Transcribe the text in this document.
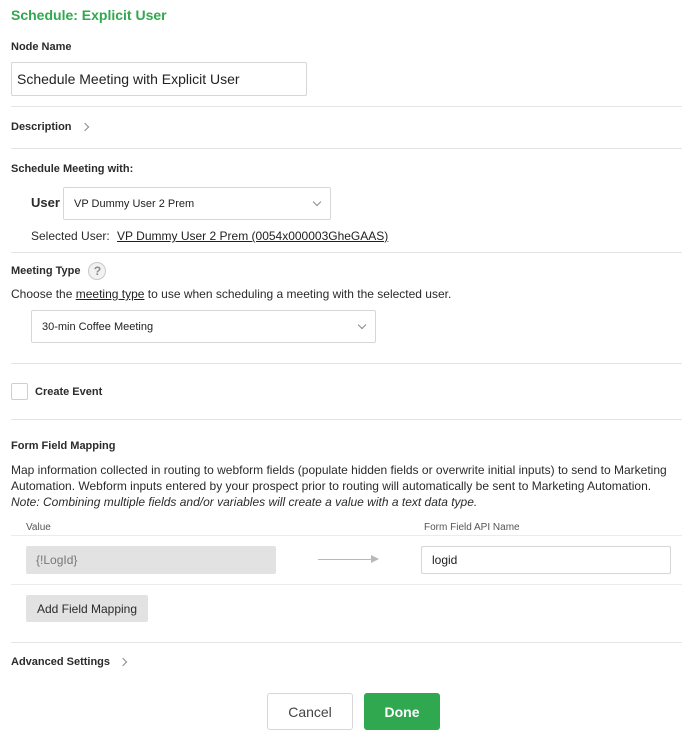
Schedule: Explicit User
Node Name
Schedule Meeting with Explicit User
Description
Schedule Meeting with:
User VP Dummy User 2 Prem
Selected User: VP Dummy User 2 Prem (0054x000003GheGAAS)
Meeting Type	?
Choose the meeting type to use when scheduling a meeting with the selected user.
30-min Coffee Meeting
Create Event
Form Field Mapping
Map information collected in routing to webform fields (populate hidden fields or overwrite initial inputs) to send to Marketing Automation. Webform inputs entered by your prospect prior to routing will automatically be sent to Marketing Automation.
Note: Combining multiple fields and/or variables will create a value with a text data type.
Value	Form Field API Name
{!LogId}	logid
Add Field Mapping
Advanced Settings
Cancel	Done
